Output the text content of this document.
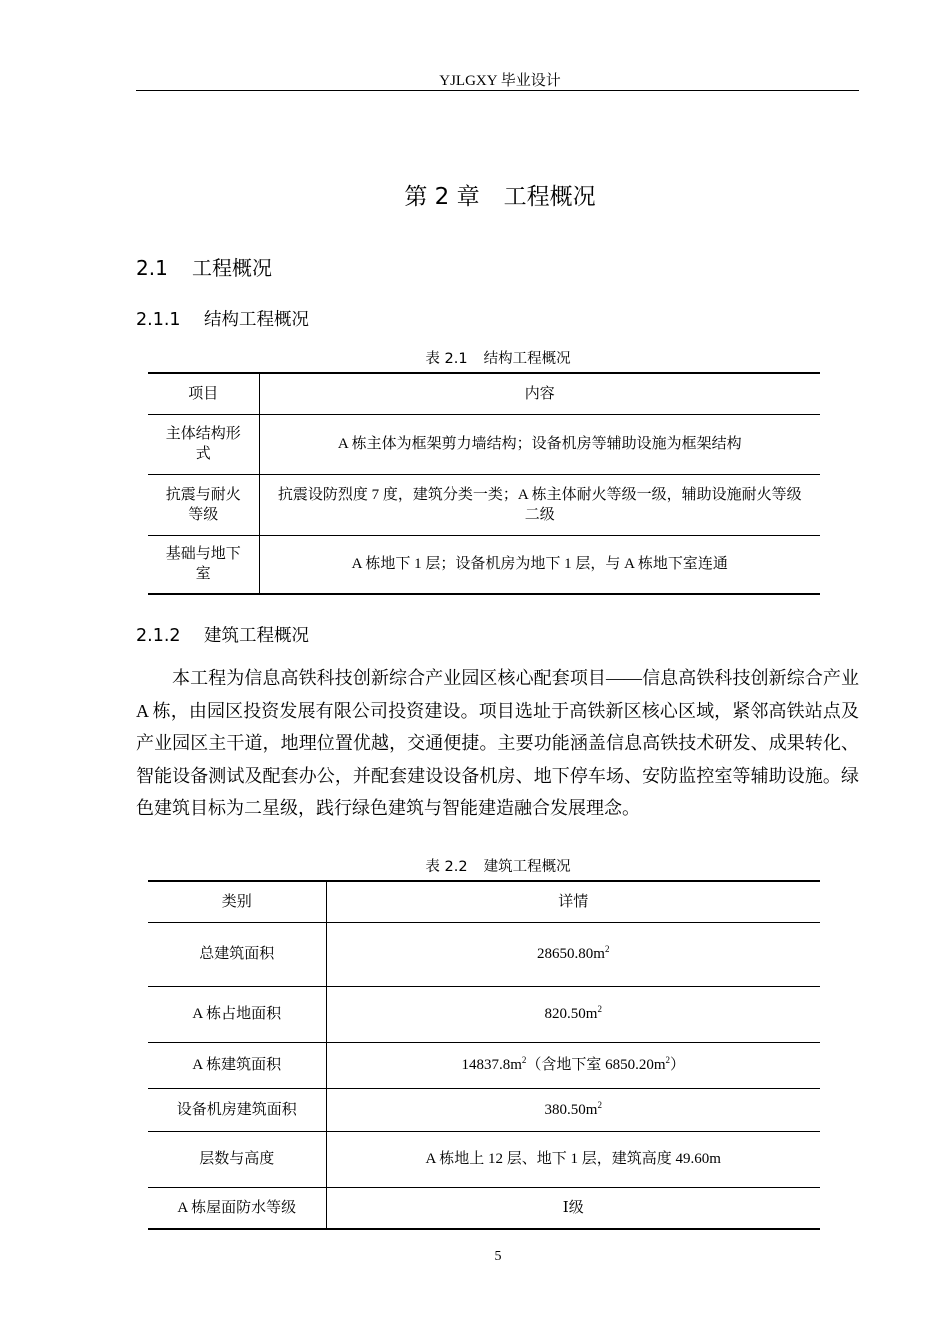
YJLGXY 毕业设计
第 2 章 工程概况
2.1 工程概况
2.1.1 结构工程概况
表 2.1 结构工程概况
项目	内容
主体结构形式	A 栋主体为框架剪力墙结构；设备机房等辅助设施为框架结构
抗震与耐火等级	抗震设防烈度 7 度，建筑分类一类；A 栋主体耐火等级一级，辅助设施耐火等级二级
基础与地下室	A 栋地下 1 层；设备机房为地下 1 层，与 A 栋地下室连通
2.1.2 建筑工程概况

本工程为信息高铁科技创新综合产业园区核心配套项目——信息高铁科技创新综合产业 A 栋，由园区投资发展有限公司投资建设。项目选址于高铁新区核心区域，紧邻高铁站点及产业园区主干道，地理位置优越，交通便捷。主要功能涵盖信息高铁技术研发、成果转化、智能设备测试及配套办公，并配套建设设备机房、地下停车场、安防监控室等辅助设施。绿色建筑目标为二星级，践行绿色建筑与智能建造融合发展理念。

表 2.2 建筑工程概况
类别	详情
总建筑面积	$28650.80m^2$
A 栋占地面积	$820.50m^2$
A 栋建筑面积	$14837.8m^2$（含地下室 $6850.20m^2$）
设备机房建筑面积	$380.50m^2$
层数与高度	A 栋地上 12 层、地下 1 层，建筑高度 49.60m
A 栋屋面防水等级	Ⅰ级
5
